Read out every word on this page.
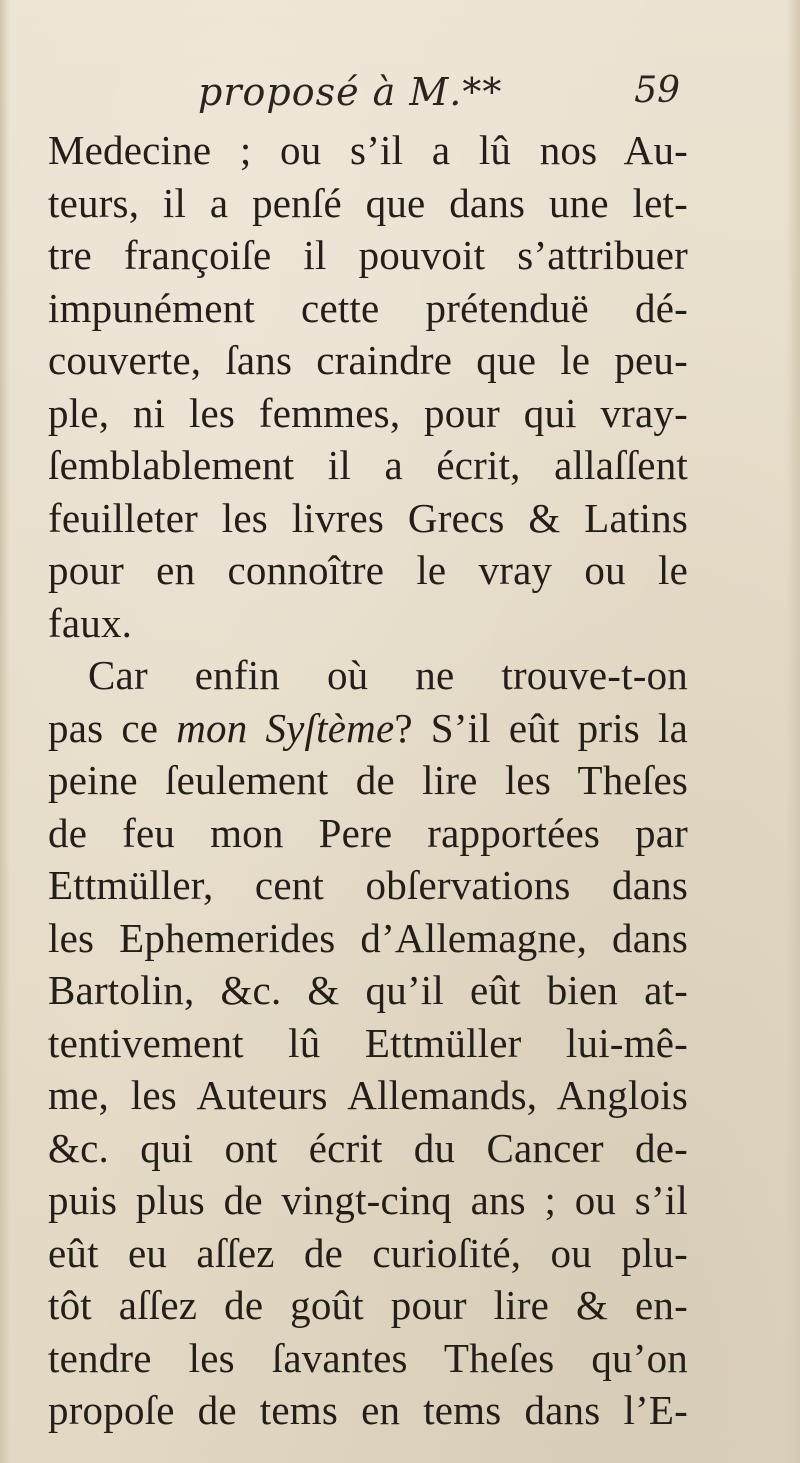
proposé à M.**	59
Medecine ; ou s’il a lû nos Au-
teurs, il a penſé que dans une let-
tre françoiſe il pouvoit s’attribuer
impunément cette prétenduë dé-
couverte, ſans craindre que le peu-
ple, ni les femmes, pour qui vray-
ſemblablement il a écrit, allaſſent
feuilleter les livres Grecs & Latins
pour en connoître le vray ou le
faux.
Car enfin où ne trouve-t-on
pas ce mon Syſtème? S’il eût pris la
peine ſeulement de lire les Theſes
de feu mon Pere rapportées par
Ettmüller, cent obſervations dans
les Ephemerides d’Allemagne, dans
Bartolin, &c. & qu’il eût bien at-
tentivement lû Ettmüller lui-mê-
me, les Auteurs Allemands, Anglois
&c. qui ont écrit du Cancer de-
puis plus de vingt-cinq ans ; ou s’il
eût eu aſſez de curioſité, ou plu-
tôt aſſez de goût pour lire & en-
tendre les ſavantes Theſes qu’on
propoſe de tems en tems dans l’E-
